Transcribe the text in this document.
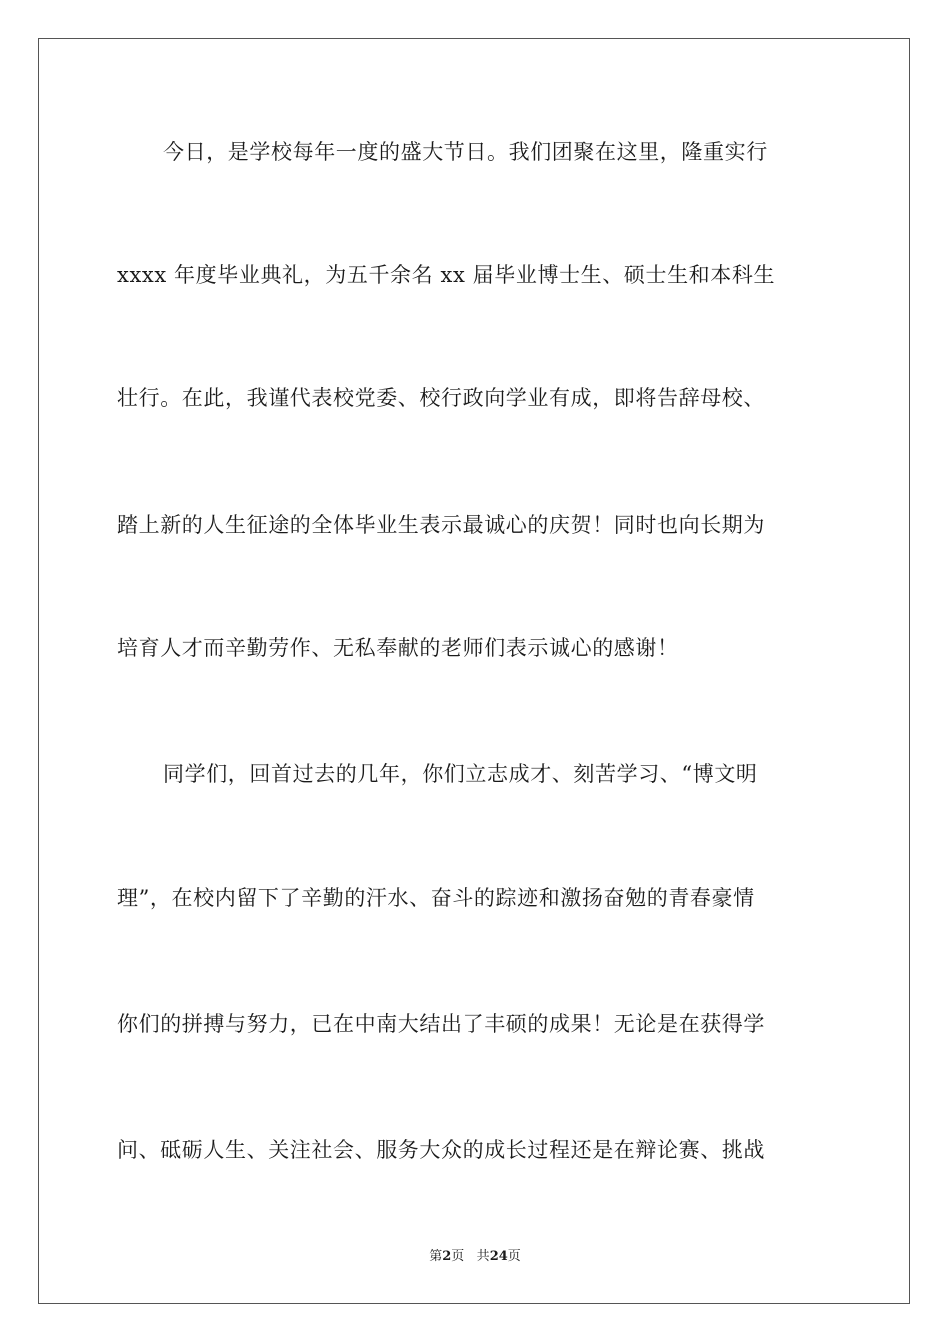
今日，是学校每年一度的盛大节日。我们团聚在这里，隆重实行
xxxx 年度毕业典礼，为五千余名 xx 届毕业博士生、硕士生和本科生
壮行。在此，我谨代表校党委、校行政向学业有成，即将告辞母校、
踏上新的人生征途的全体毕业生表示最诚心的庆贺！同时也向长期为
培育人才而辛勤劳作、无私奉献的老师们表示诚心的感谢！
同学们，回首过去的几年，你们立志成才、刻苦学习、“博文明
理”，在校内留下了辛勤的汗水、奋斗的踪迹和激扬奋勉的青春豪情
你们的拼搏与努力，已在中南大结出了丰硕的成果！无论是在获得学
问、砥砺人生、关注社会、服务大众的成长过程还是在辩论赛、挑战
第2页 共24页
